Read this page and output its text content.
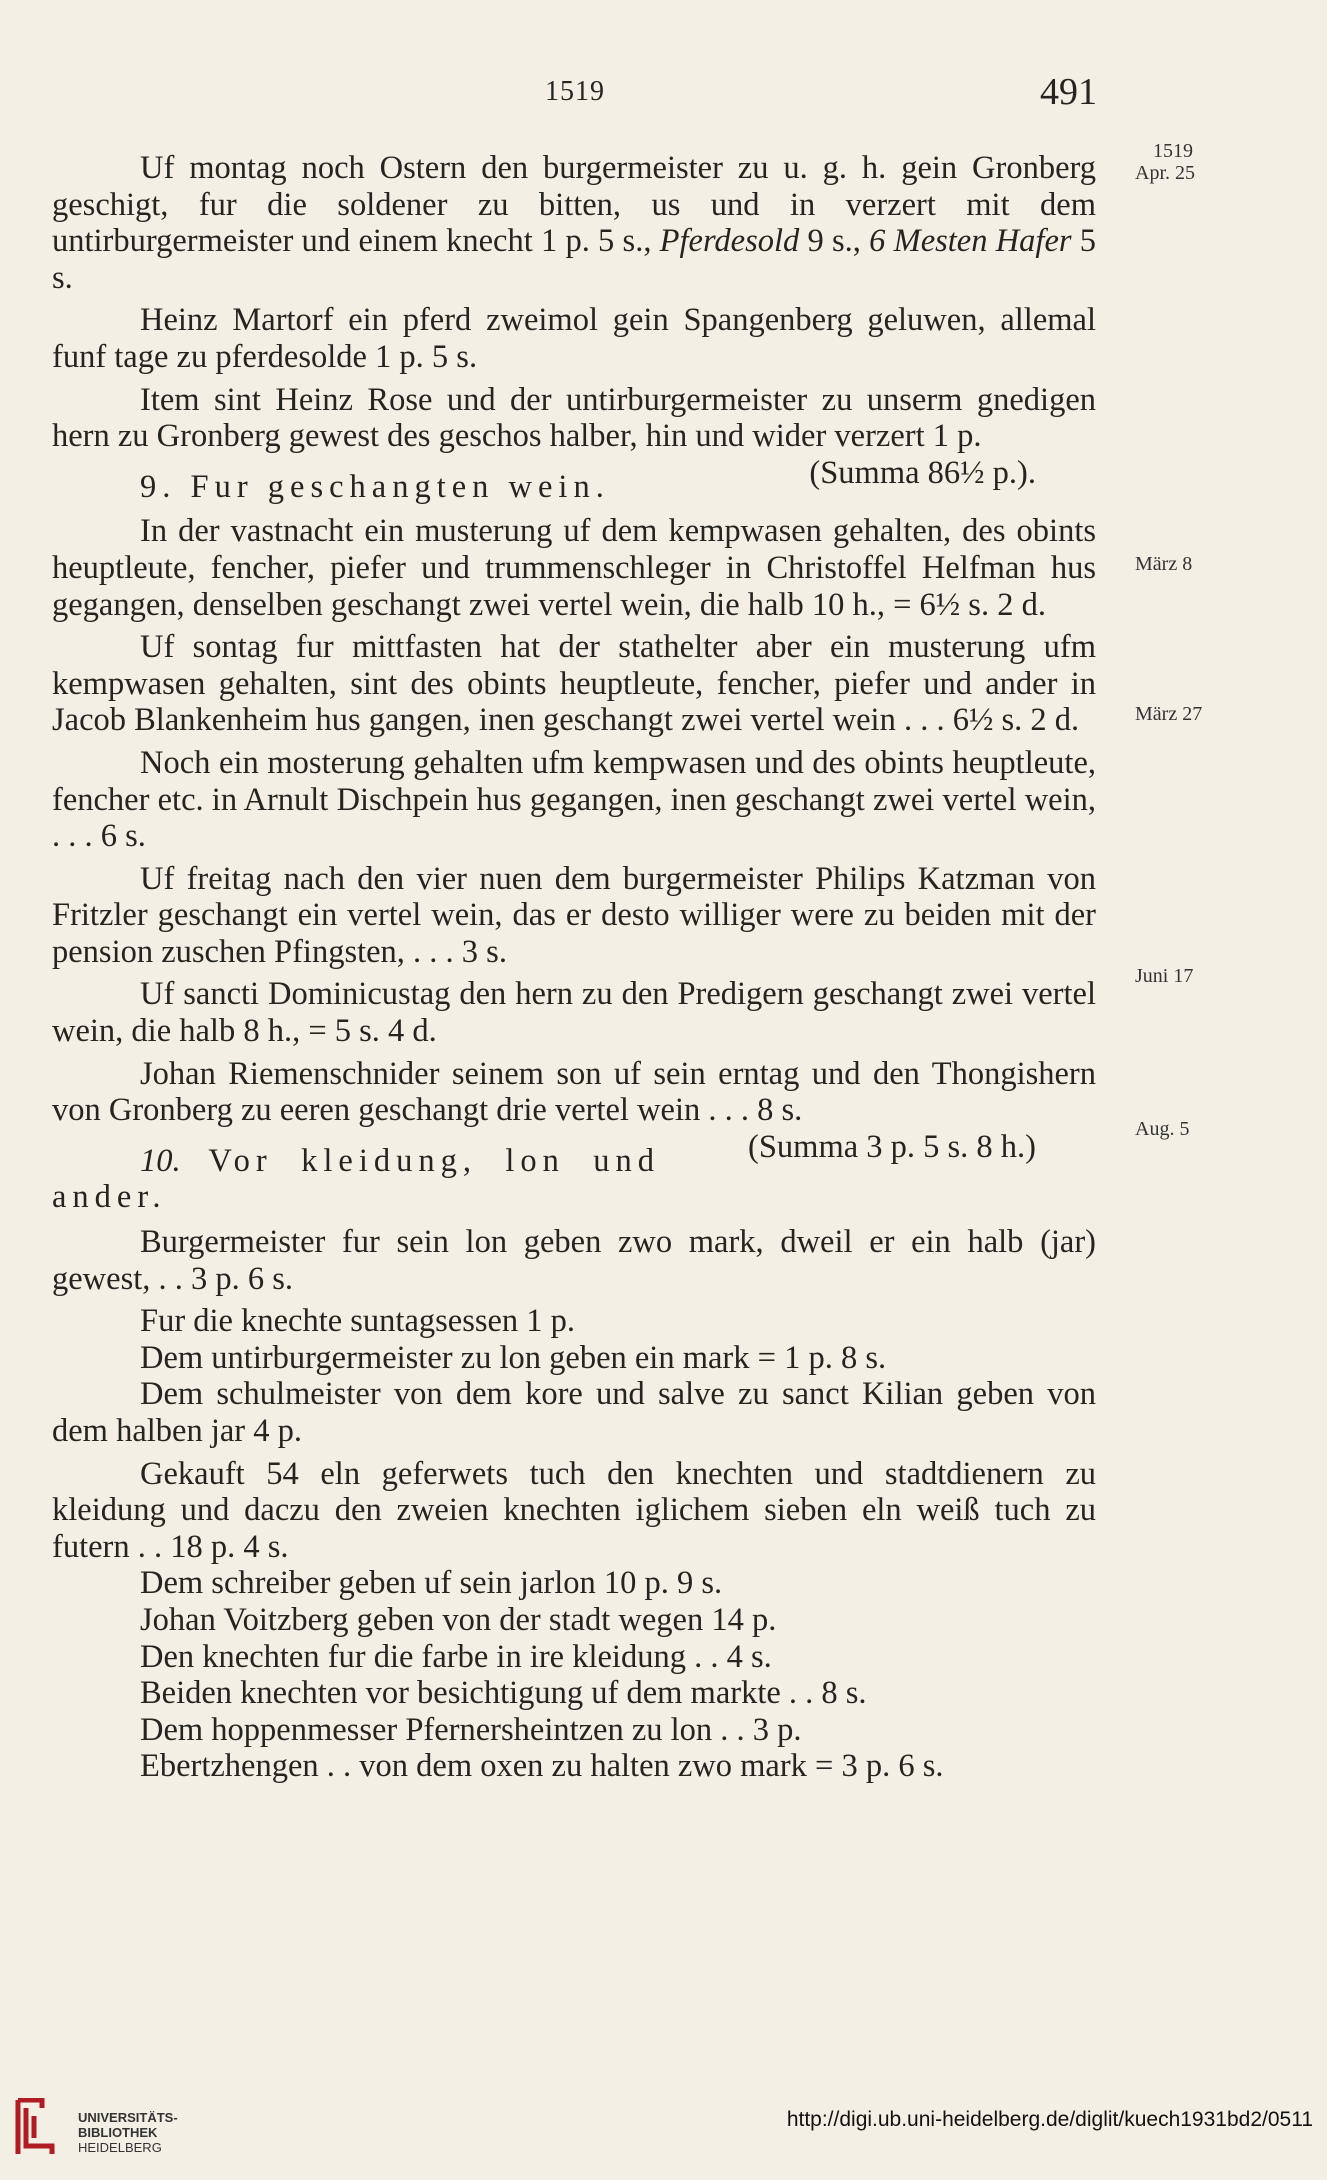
1519	491
1519
Apr. 25
März 8
März 27
Juni 17
Aug. 5

Uf montag noch Ostern den burgermeister zu u. g. h. gein Gronberg geschigt, fur die soldener zu bitten, us und in verzert mit dem untirburgermeister und einem knecht 1 p. 5 s., Pferdesold 9 s., 6 Mesten Hafer 5 s.

Heinz Martorf ein pferd zweimol gein Spangenberg geluwen, allemal funf tage zu pferdesolde 1 p. 5 s.

Item sint Heinz Rose und der untirburgermeister zu unserm gnedigen hern zu Gronberg gewest des geschos halber, hin und wider verzert 1 p.
(Summa 86½ p.).

9. Fur geschangten wein.

In der vastnacht ein musterung uf dem kempwasen gehalten, des obints heuptleute, fencher, piefer und trummenschleger in Christoffel Helfman hus gegangen, denselben geschangt zwei vertel wein, die halb 10 h., = 6½ s. 2 d.

Uf sontag fur mittfasten hat der stathelter aber ein musterung ufm kempwasen gehalten, sint des obints heuptleute, fencher, piefer und ander in Jacob Blankenheim hus gangen, inen geschangt zwei vertel wein . . . 6½ s. 2 d.

Noch ein mosterung gehalten ufm kempwasen und des obints heuptleute, fencher etc. in Arnult Dischpein hus gegangen, inen geschangt zwei vertel wein, . . . 6 s.

Uf freitag nach den vier nuen dem burgermeister Philips Katzman von Fritzler geschangt ein vertel wein, das er desto williger were zu beiden mit der pension zuschen Pfingsten, . . . 3 s.

Uf sancti Dominicustag den hern zu den Predigern geschangt zwei vertel wein, die halb 8 h., = 5 s. 4 d.

Johan Riemenschnider seinem son uf sein erntag und den Thongishern von Gronberg zu eeren geschangt drie vertel wein . . . 8 s.
(Summa 3 p. 5 s. 8 h.)

10. Vor kleidung, lon und ander.

Burgermeister fur sein lon geben zwo mark, dweil er ein halb (jar) gewest, . . 3 p. 6 s.

Fur die knechte suntagsessen 1 p.

Dem untirburgermeister zu lon geben ein mark = 1 p. 8 s.

Dem schulmeister von dem kore und salve zu sanct Kilian geben von dem halben jar 4 p.

Gekauft 54 eln geferwets tuch den knechten und stadtdienern zu kleidung und daczu den zweien knechten iglichem sieben eln weiß tuch zu futern . . 18 p. 4 s.

Dem schreiber geben uf sein jarlon 10 p. 9 s.

Johan Voitzberg geben von der stadt wegen 14 p.

Den knechten fur die farbe in ire kleidung . . 4 s.

Beiden knechten vor besichtigung uf dem markte . . 8 s.

Dem hoppenmesser Pfernersheintzen zu lon . . 3 p.

Ebertzhengen . . von dem oxen zu halten zwo mark = 3 p. 6 s.

UNIVERSITÄTS-
BIBLIOTHEK
HEIDELBERG
http://digi.ub.uni-heidelberg.de/diglit/kuech1931bd2/0511
